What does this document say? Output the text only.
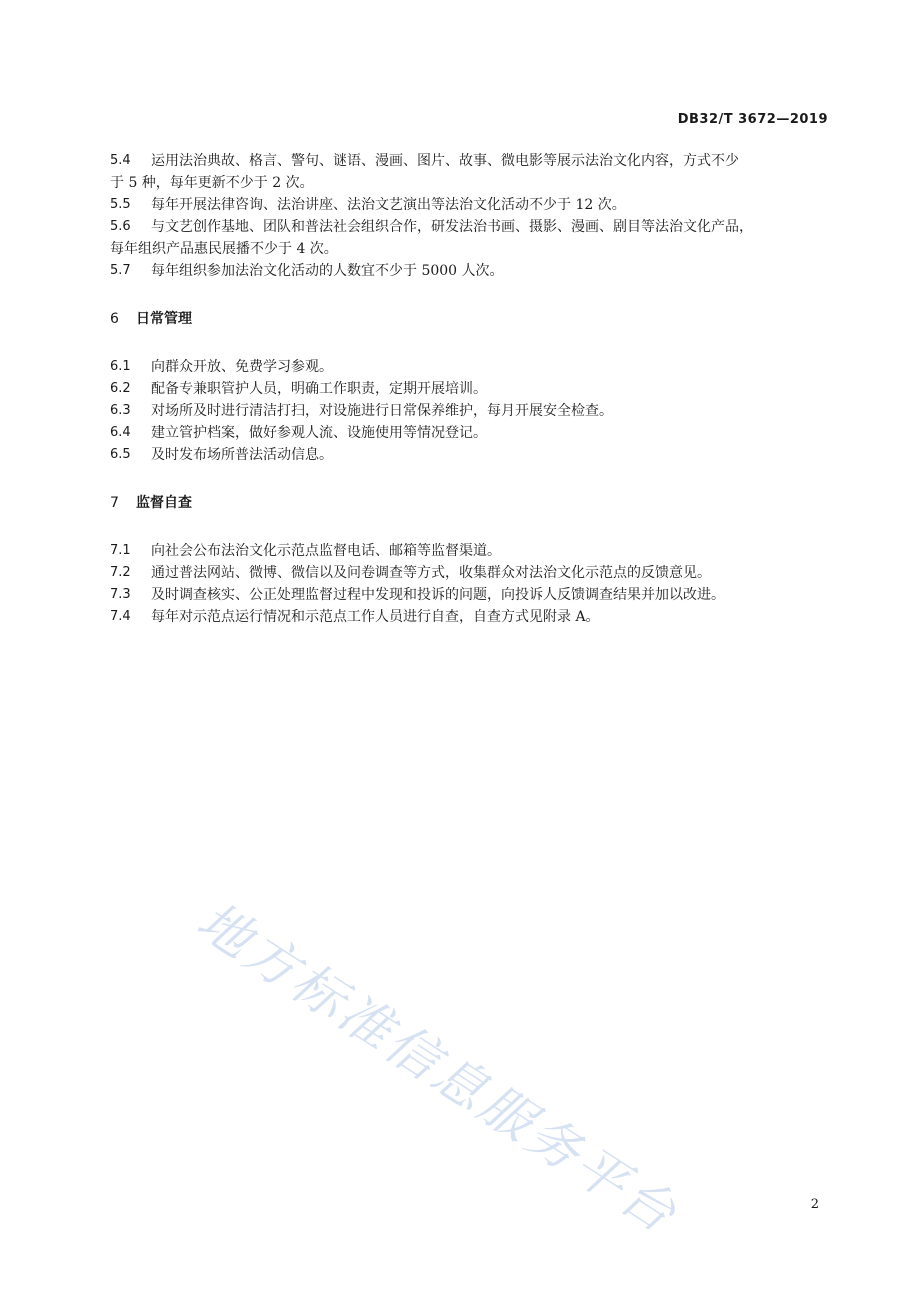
DB32/T 3672—2019
5.4 运用法治典故、格言、警句、谜语、漫画、图片、故事、微电影等展示法治文化内容，方式不少
于 5 种，每年更新不少于 2 次。
5.5 每年开展法律咨询、法治讲座、法治文艺演出等法治文化活动不少于 12 次。
5.6 与文艺创作基地、团队和普法社会组织合作，研发法治书画、摄影、漫画、剧目等法治文化产品，
每年组织产品惠民展播不少于 4 次。
5.7 每年组织参加法治文化活动的人数宜不少于 5000 人次。
6 日常管理
6.1 向群众开放、免费学习参观。
6.2 配备专兼职管护人员，明确工作职责，定期开展培训。
6.3 对场所及时进行清洁打扫，对设施进行日常保养维护，每月开展安全检查。
6.4 建立管护档案，做好参观人流、设施使用等情况登记。
6.5 及时发布场所普法活动信息。
7 监督自查
7.1 向社会公布法治文化示范点监督电话、邮箱等监督渠道。
7.2 通过普法网站、微博、微信以及问卷调查等方式，收集群众对法治文化示范点的反馈意见。
7.3 及时调查核实、公正处理监督过程中发现和投诉的问题，向投诉人反馈调查结果并加以改进。
7.4 每年对示范点运行情况和示范点工作人员进行自查，自查方式见附录 A。
地方标准信息服务平台	2
